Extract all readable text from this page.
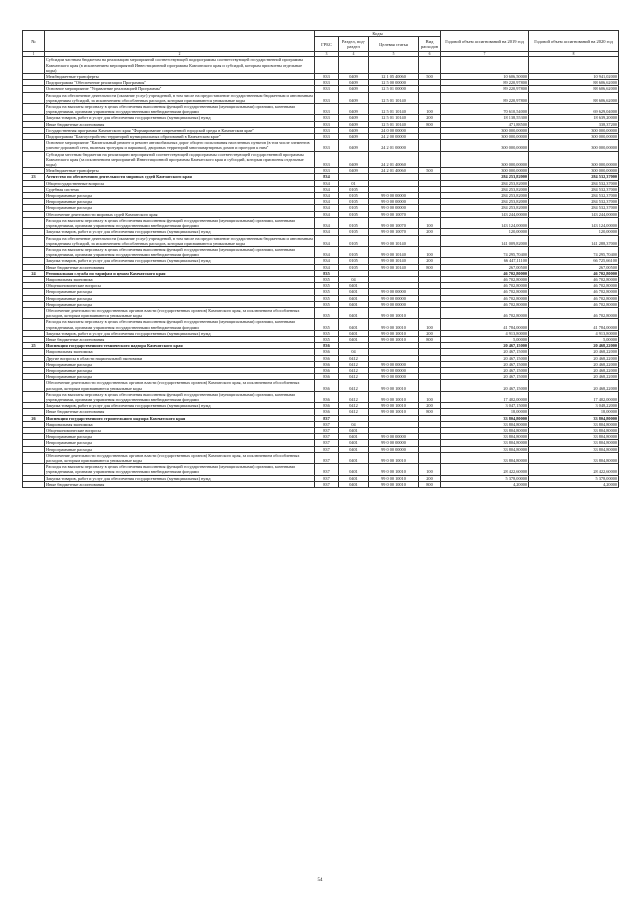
№		Коды				Годовой объем ассигнований на 2019 год	Годовой объем ассигнований на 2020 год
		ГРБС	Раздел, под-раздел	Целевая статья	Вид расходов		
1	2	3	4	5	6	7	8
	Субсидии частным бюджетам на реализацию мероприятий соответствующей подпрограммы соответствующей государственной программы Камчатского края (в исключением мероприятий Инвестиционной программы Камчатского края и субсидий, которым присвоены отдельные коды)						
	Межбюджетные трансферты	833	0409	12 1 05 40060	500	10 606,50000	10 941,02000
	Подпрограмма "Обеспечение реализации Программы"	833	0409	12 5 00 00000		89 220,97800	88 606,62000
	Основное мероприятие "Управление реализацией Программы"	833	0409	12 5 01 00000		89 220,97800	88 606,62000
	Расходы на обеспечение деятельности (оказание услуг) учреждений, в том числе на предоставление государственным бюджетным и автономным учреждениям субсидий, за исключением обособленных расходов, которым присваиваются уникальные коды	833	0409	12 5 01 10140		89 220,97800	88 606,62000
	Расходы на выплаты персоналу в целях обеспечения выполнения функций государственными (муниципальными) органами, казенными учреждениями, органами управления государственными внебюджетными фондами	833	0409	12 5 01 10140	100	70 610,54000	69 629,04000
	Закупка товаров, работ и услуг для обеспечения государственных (муниципальных) нужд	833	0409	12 5 01 10140	200	18 138,55300	18 639,20000
	Иные бюджетные ассигнования	833	0409	12 5 01 10140	800	471,88500	338,37200
	Государственная программа Камчатского края "Формирование современной городской среды в Камчатском крае"	833	0409	24 0 00 00000		300 000,00000	300 000,00000
	Подпрограмма "Благоустройство территорий муниципальных образований в Камчатском крае"	833	0409	24 2 00 00000		300 000,00000	300 000,00000
	Основное мероприятие "Капитальный ремонт и ремонт автомобильных дорог общего пользования населенных пунктов (в том числе элементов улично-дорожной сети, включая тротуары и парковки), дворовых территорий многоквартирных домов и проездов к ним"	833	0409	24 2 01 00000		300 000,00000	300 000,00000
	Субсидии местным бюджетам на реализацию мероприятий соответствующей подпрограммы соответствующей государственной программы Камчатского края (за исключением мероприятий Инвестиционной программы Камчатского края и субсидий, которым присвоены отдельные коды)	833	0409	24 2 01 40060		300 000,00000	300 000,00000
	Межбюджетные трансферты	833	0409	24 2 01 40060	500	300 000,00000	300 000,00000
23	Агентство по обеспечению деятельности мировых судей Камчатского края	834				284 253,82000	284 532,37000
	Общегосударственные вопросы	834	01			284 253,82000	284 532,37000
	Судебная система	834	0105			284 253,82000	284 532,37000
	Непрограммные расходы	834	0105	99 0 00 00000		284 253,82000	284 532,37000
	Непрограммные расходы	834	0105	99 0 00 00000		284 253,82000	284 532,37000
	Непрограммные расходы	834	0105	99 0 00 00000		284 253,82000	284 532,37000
	Обеспечение деятельности мировых судей Камчатского края	834	0105	99 0 00 10070		143 244,00000	143 244,00000
	Расходы на выплаты персоналу в целях обеспечения выполнения функций государственными (муниципальными) органами, казенными учреждениями, органами управления государственными внебюджетными фондами	834	0105	99 0 00 10070	100	143 124,00000	143 124,00000
	Закупка товаров, работ и услуг для обеспечения государственных (муниципальных) нужд	834	0105	99 0 00 10070	200	120,00000	120,00000
	Расходы на обеспечение деятельности (оказание услуг) учреждений, в том числе на предоставление государственным бюджетным и автономным учреждениям субсидий, за исключением обособленных расходов, которым присваиваются уникальные коды	834	0105	99 0 00 10140		141 009,82000	141 288,37000
	Расходы на выплаты персоналу в целях обеспечения выполнения функций государственными (муниципальными) органами, казенными учреждениями, органами управления государственными внебюджетными фондами	834	0105	99 0 00 10140	100	74 295,70400	74 295,70400
	Закупка товаров, работ и услуг для обеспечения государственных (муниципальных) нужд	834	0105	99 0 00 10140	200	66 447,11100	66 725,66100
	Иные бюджетные ассигнования	834	0105	99 0 00 10140	800	267,00500	267,00500
24	Региональная служба по тарифам и ценам Камчатского края	835				46 702,80000	46 702,80000
	Национальная экономика	835	04			46 702,80000	46 702,80000
	Общеэкономические вопросы	835	0401			46 702,80000	46 702,80000
	Непрограммные расходы	835	0401	99 0 00 00000		46 702,80000	46 702,80000
	Непрограммные расходы	835	0401	99 0 00 00000		46 702,80000	46 702,80000
	Непрограммные расходы	835	0401	99 0 00 00000		46 702,80000	46 702,80000
	Обеспечение деятельности государственных органов власти (государственных органов) Камчатского края, за исключением обособленных расходов, которым присваиваются уникальные коды	835	0401	99 0 00 10010		46 702,80000	46 702,80000
	Расходы на выплаты персоналу в целях обеспечения выполнения функций государственными (муниципальными) органами, казенными учреждениями, органами управления государственными внебюджетными фондами	835	0401	99 0 00 10010	100	41 784,00000	41 784,00000
	Закупка товаров, работ и услуг для обеспечения государственных (муниципальных) нужд	835	0401	99 0 00 10010	200	4 913,80000	4 913,80000
	Иные бюджетные ассигнования	835	0401	99 0 00 10010	800	5,00000	5,00000
25	Инспекция государственного технического надзора Камчатского края	836				20 467,15000	20 468,22000
	Национальная экономика	836	04			20 467,15000	20 468,22000
	Другие вопросы в области национальной экономики	836	0412			20 467,15000	20 468,22000
	Непрограммные расходы	836	0412	99 0 00 00000		20 467,15000	20 468,22000
	Непрограммные расходы	836	0412	99 0 00 00000		20 467,15000	20 468,22000
	Непрограммные расходы	836	0412	99 0 00 00000		20 467,15000	20 468,22000
	Обеспечение деятельности государственных органов власти (государственных органов) Камчатского края, за исключением обособленных расходов, которым присваиваются уникальные коды	836	0412	99 0 00 10010		20 467,15000	20 468,22000
	Расходы на выплаты персоналу в целях обеспечения выполнения функций государственными (муниципальными) органами, казенными учреждениями, органами управления государственными внебюджетными фондами	836	0412	99 0 00 10010	100	17 402,00000	17 402,00000
	Закупка товаров, работ и услуг для обеспечения государственных (муниципальных) нужд	836	0412	99 0 00 10010	200	3 047,15000	3 048,22000
	Иные бюджетные ассигнования	836	0412	99 0 00 10010	800	18,00000	18,00000
26	Инспекция государственного строительного надзора Камчатского края	837				33 804,80000	33 804,80000
	Национальная экономика	837	04			33 804,80000	33 804,80000
	Общеэкономические вопросы	837	0401			33 804,80000	33 804,80000
	Непрограммные расходы	837	0401	99 0 00 00000		33 804,80000	33 804,80000
	Непрограммные расходы	837	0401	99 0 00 00000		33 804,80000	33 804,80000
	Непрограммные расходы	837	0401	99 0 00 00000		33 804,80000	33 804,80000
	Обеспечение деятельности государственных органов власти (государственных органов) Камчатского края, за исключением обособленных расходов, которым присваиваются уникальные коды	837	0401	99 0 00 10010		33 804,80000	33 804,80000
	Расходы на выплаты персоналу в целях обеспечения выполнения функций государственными (муниципальными) органами, казенными учреждениями, органами управления государственными внебюджетными фондами	837	0401	99 0 00 10010	100	28 422,60000	28 422,60000
	Закупка товаров, работ и услуг для обеспечения государственных (муниципальных) нужд	837	0401	99 0 00 10010	200	5 378,00000	5 378,00000
	Иные бюджетные ассигнования	837	0401	99 0 00 10010	800	4,20000	4,20000
54
